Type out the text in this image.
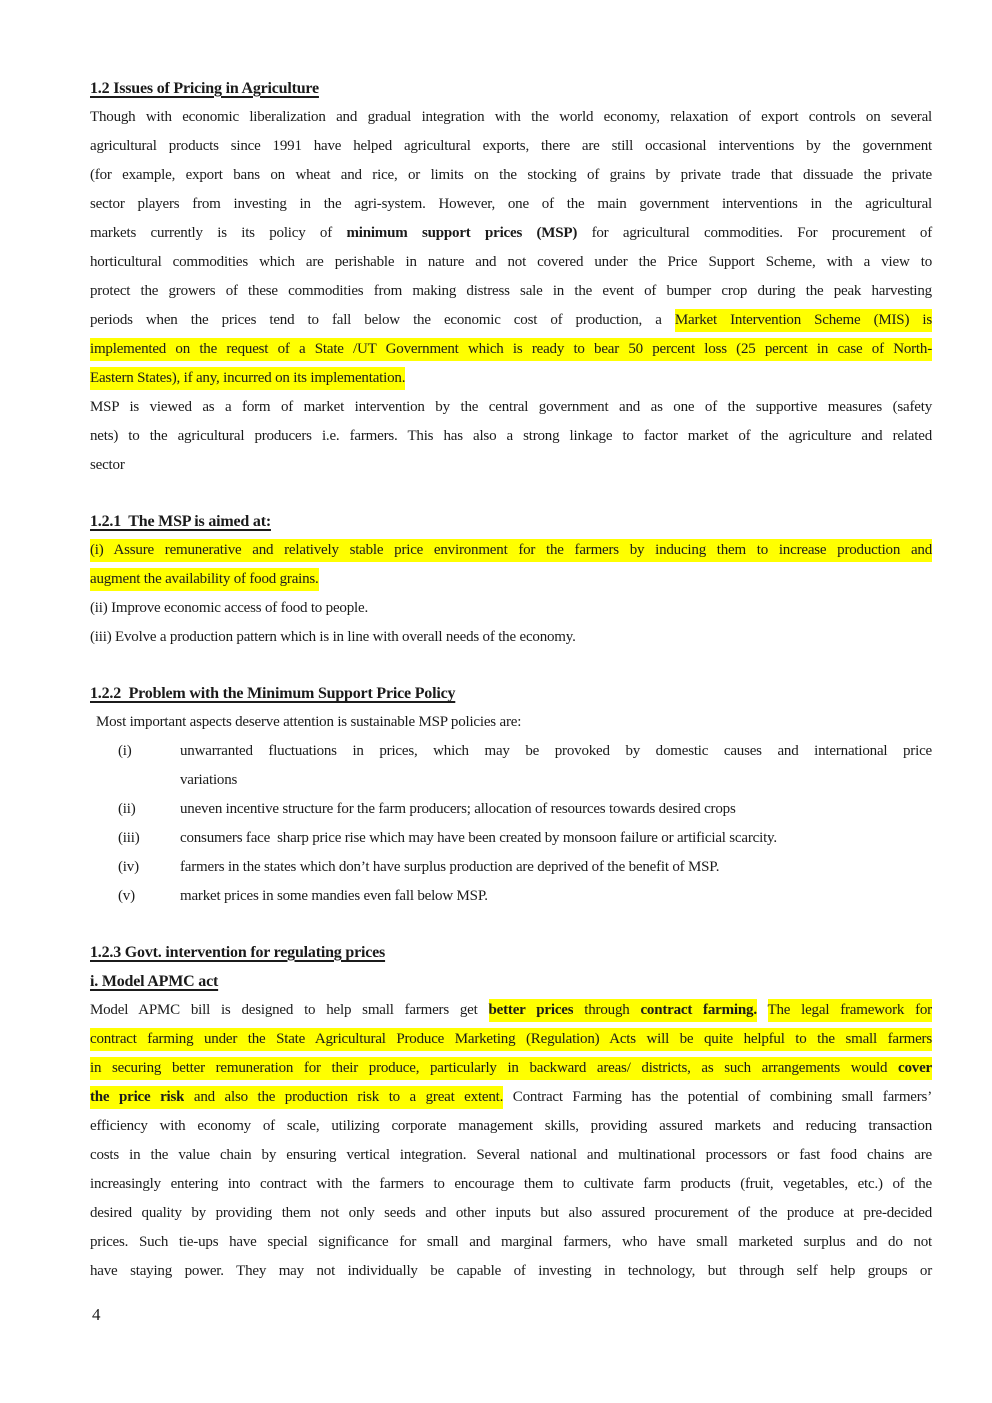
1.2 Issues of Pricing in Agriculture
Though with economic liberalization and gradual integration with the world economy, relaxation of export controls on several
agricultural products since 1991 have helped agricultural exports, there are still occasional interventions by the government
(for example, export bans on wheat and rice, or limits on the stocking of grains by private trade that dissuade the private
sector players from investing in the agri-system. However, one of the main government interventions in the agricultural
markets currently is its policy of minimum support prices (MSP) for agricultural commodities. For procurement of
horticultural commodities which are perishable in nature and not covered under the Price Support Scheme, with a view to
protect the growers of these commodities from making distress sale in the event of bumper crop during the peak harvesting
periods when the prices tend to fall below the economic cost of production, a Market Intervention Scheme (MIS) is
implemented on the request of a State /UT Government which is ready to bear 50 percent loss (25 percent in case of North-
Eastern States), if any, incurred on its implementation.
MSP is viewed as a form of market intervention by the central government and as one of the supportive measures (safety
nets) to the agricultural producers i.e. farmers. This has also a strong linkage to factor market of the agriculture and related
sector
1.2.1  The MSP is aimed at:
(i) Assure remunerative and relatively stable price environment for the farmers by inducing them to increase production and
augment the availability of food grains.
(ii) Improve economic access of food to people.
(iii) Evolve a production pattern which is in line with overall needs of the economy.
1.2.2  Problem with the Minimum Support Price Policy
Most important aspects deserve attention is sustainable MSP policies are:
(i)	unwarranted fluctuations in prices, which may be provoked by domestic causes and international price
variations
(ii)	uneven incentive structure for the farm producers; allocation of resources towards desired crops
(iii)	consumers face  sharp price rise which may have been created by monsoon failure or artificial scarcity.
(iv)	farmers in the states which don’t have surplus production are deprived of the benefit of MSP.
(v)	market prices in some mandies even fall below MSP.
1.2.3 Govt. intervention for regulating prices
i. Model APMC act
Model APMC bill is designed to help small farmers get better prices through contract farming. The legal framework for
contract farming under the State Agricultural Produce Marketing (Regulation) Acts will be quite helpful to the small farmers
in securing better remuneration for their produce, particularly in backward areas/ districts, as such arrangements would cover
the price risk and also the production risk to a great extent. Contract Farming has the potential of combining small farmers’
efficiency with economy of scale, utilizing corporate management skills, providing assured markets and reducing transaction
costs in the value chain by ensuring vertical integration. Several national and multinational processors or fast food chains are
increasingly entering into contract with the farmers to encourage them to cultivate farm products (fruit, vegetables, etc.) of the
desired quality by providing them not only seeds and other inputs but also assured procurement of the produce at pre-decided
prices. Such tie-ups have special significance for small and marginal farmers, who have small marketed surplus and do not
have staying power. They may not individually be capable of investing in technology, but through self help groups or
4
